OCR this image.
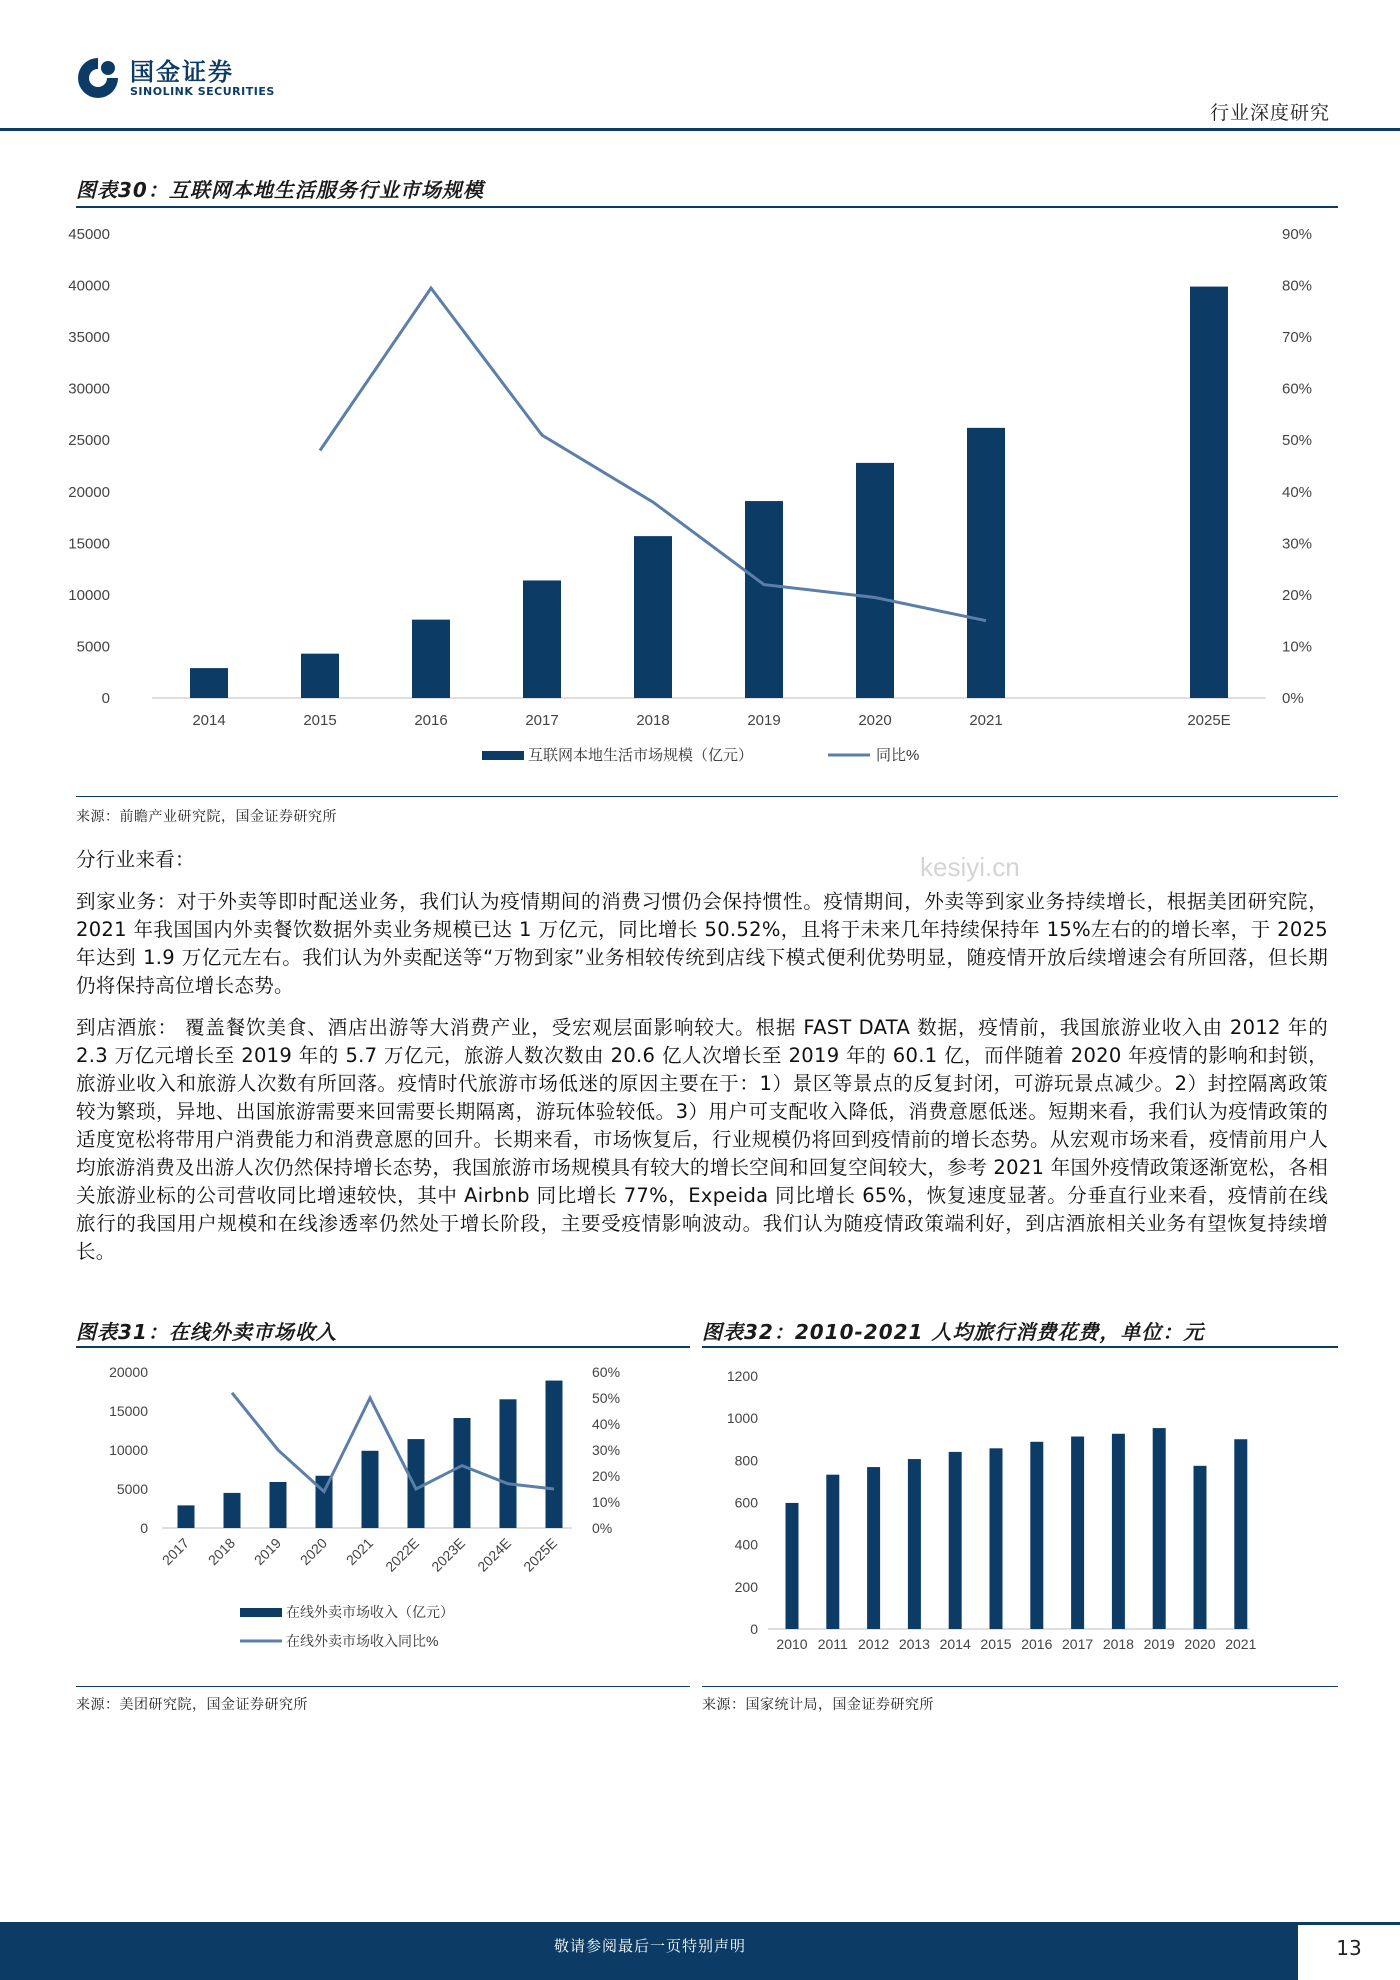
国金证券
SINOLINK SECURITIES
行业深度研究
图表30：互联网本地生活服务行业市场规模
0
5000
10000
15000
20000
25000
30000
35000
40000
45000
0%
10%
20%
30%
40%
50%
60%
70%
80%
90%
2014	2015	2016	2017	2018	2019	2020	2021	2025E
互联网本地生活市场规模（亿元）	同比%
来源：前瞻产业研究院，国金证券研究所
kesiyi.cn
分行业来看：
到家业务：对于外卖等即时配送业务，我们认为疫情期间的消费习惯仍会保持惯性。疫情期间，外卖等到家业务持续增长，根据美团研究院，2021 年我国国内外卖餐饮数据外卖业务规模已达 1 万亿元，同比增长 50.52%，且将于未来几年持续保持年 15%左右的的增长率，于 2025 年达到 1.9 万亿元左右。我们认为外卖配送等“万物到家”业务相较传统到店线下模式便利优势明显，随疫情开放后续增速会有所回落，但长期仍将保持高位增长态势。
到店酒旅： 覆盖餐饮美食、酒店出游等大消费产业，受宏观层面影响较大。根据 FAST DATA 数据，疫情前，我国旅游业收入由 2012 年的 2.3 万亿元增长至 2019 年的 5.7 万亿元，旅游人数次数由 20.6 亿人次增长至 2019 年的 60.1 亿，而伴随着 2020 年疫情的影响和封锁，旅游业收入和旅游人次数有所回落。疫情时代旅游市场低迷的原因主要在于：1）景区等景点的反复封闭，可游玩景点减少。2）封控隔离政策较为繁琐，异地、出国旅游需要来回需要长期隔离，游玩体验较低。3）用户可支配收入降低，消费意愿低迷。短期来看，我们认为疫情政策的适度宽松将带用户消费能力和消费意愿的回升。长期来看，市场恢复后，行业规模仍将回到疫情前的增长态势。从宏观市场来看，疫情前用户人均旅游消费及出游人次仍然保持增长态势，我国旅游市场规模具有较大的增长空间和回复空间较大，参考 2021 年国外疫情政策逐渐宽松，各相关旅游业标的公司营收同比增速较快，其中 Airbnb 同比增长 77%，Expeida 同比增长 65%，恢复速度显著。分垂直行业来看，疫情前在线旅行的我国用户规模和在线渗透率仍然处于增长阶段，主要受疫情影响波动。我们认为随疫情政策端利好，到店酒旅相关业务有望恢复持续增长。
图表31：在线外卖市场收入
0
5000
10000
15000
20000
0%
10%
20%
30%
40%
50%
60%
2017 2018 2019 2020 2021 2022E 2023E 2024E 2025E
在线外卖市场收入（亿元）
在线外卖市场收入同比%
来源：美团研究院，国金证券研究所
图表32：2010-2021 人均旅行消费花费，单位：元
0
200
400
600
800
1000
1200
2010 2011 2012 2013 2014 2015 2016 2017 2018 2019 2020 2021
来源：国家统计局，国金证券研究所
敬请参阅最后一页特别声明	13
